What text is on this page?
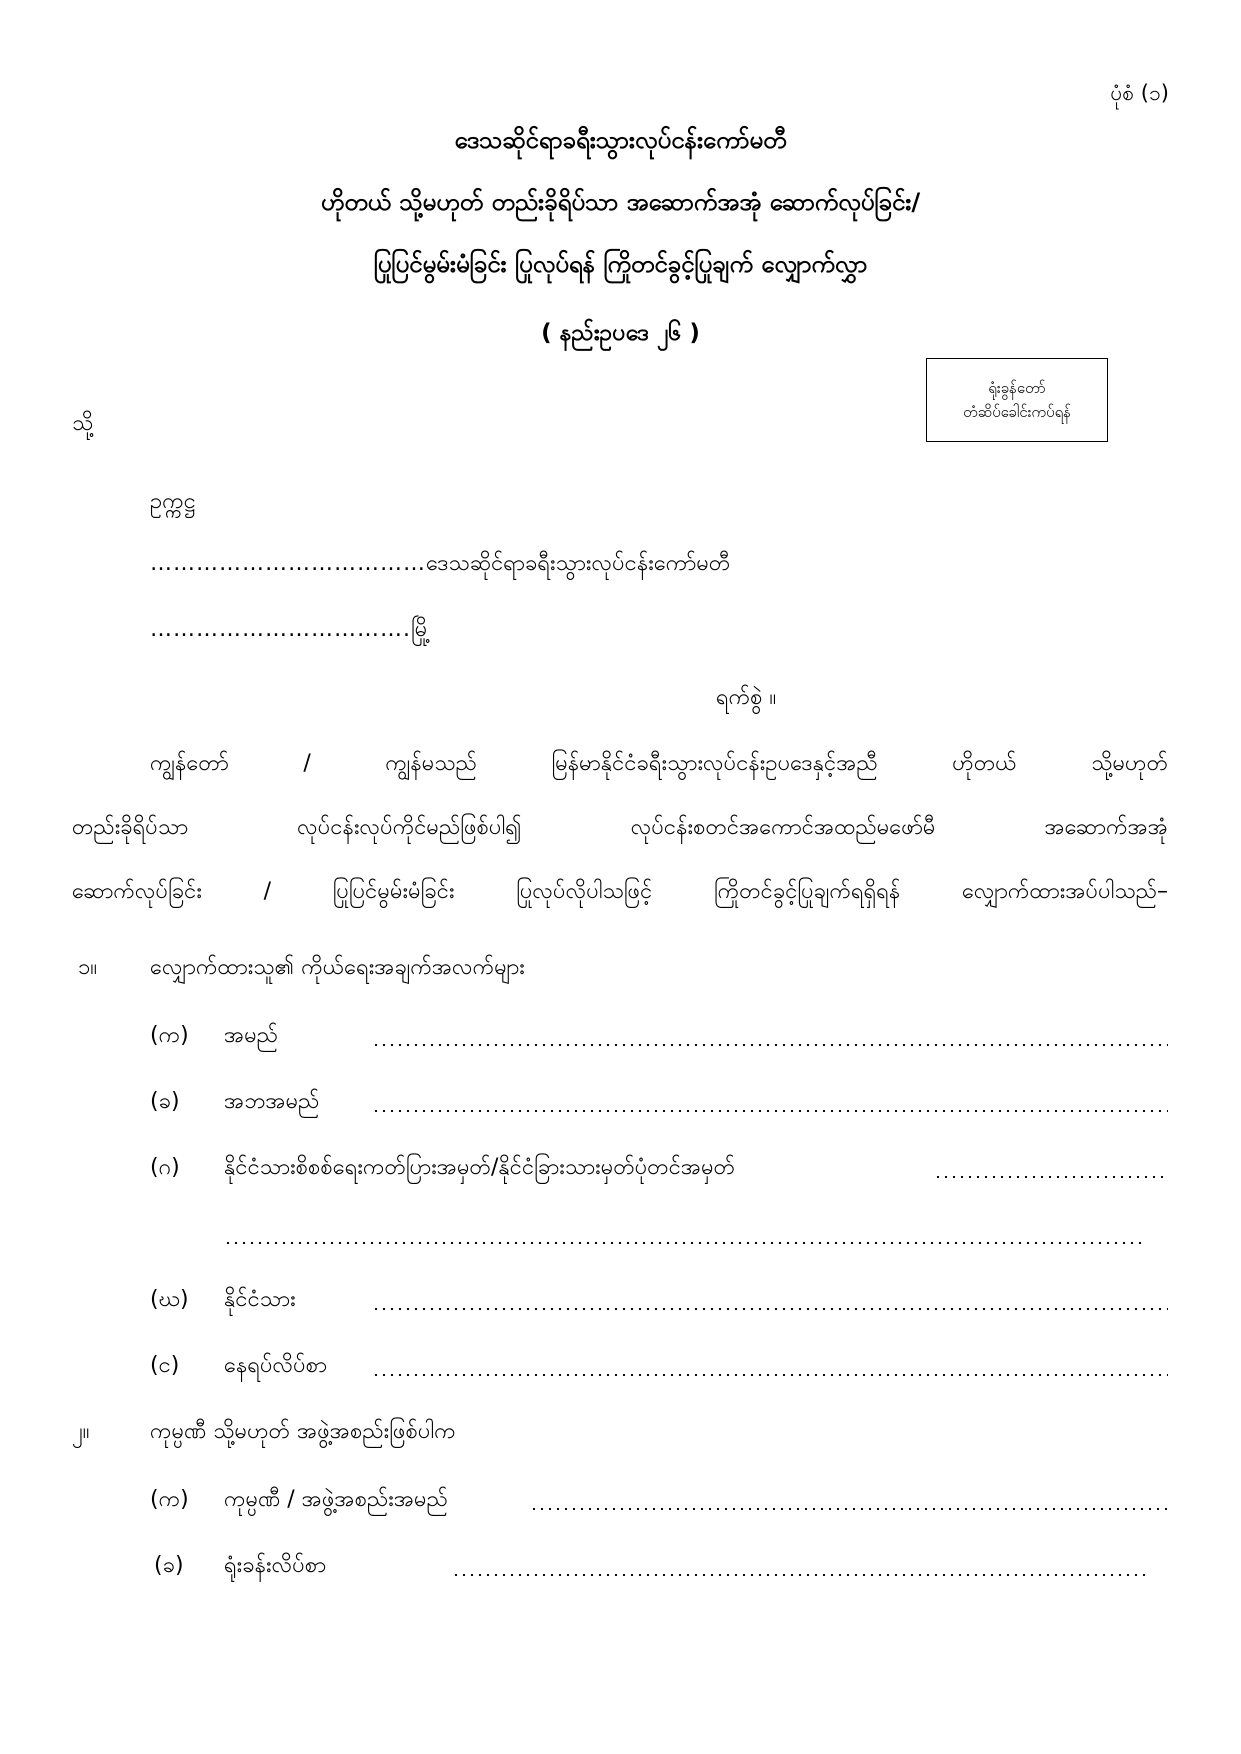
ပုံစံ (၁)
ဒေသဆိုင်ရာခရီးသွားလုပ်ငန်းကော်မတီ
ဟိုတယ် သို့မဟုတ် တည်းခိုရိပ်သာ အဆောက်အအုံ ဆောက်လုပ်ခြင်း/
ပြုပြင်မွမ်းမံခြင်း ပြုလုပ်ရန် ကြိုတင်ခွင့်ပြုချက် လျှောက်လွှာ
( နည်းဥပဒေ ၂၆ )
ရုံးခွန်တော်
တံဆိပ်ခေါင်းကပ်ရန်
သို့
ဥက္ကဋ္ဌ
………………………………ဒေသဆိုင်ရာခရီးသွားလုပ်ငန်းကော်မတီ
…………………………….မြို့
ရက်စွဲ ။
ကျွန်တော် / ကျွန်မသည် မြန်မာနိုင်ငံခရီးသွားလုပ်ငန်းဥပဒေနှင့်အညီ ဟိုတယ် သို့မဟုတ်
တည်းခိုရိပ်သာ လုပ်ငန်းလုပ်ကိုင်မည်ဖြစ်ပါ၍ လုပ်ငန်းစတင်အကောင်အထည်မဖော်မီ အဆောက်အအုံ
ဆောက်လုပ်ခြင်း / ပြုပြင်မွမ်းမံခြင်း ပြုလုပ်လိုပါသဖြင့် ကြိုတင်ခွင့်ပြုချက်ရရှိရန် လျှောက်ထားအပ်ပါသည်–
၁။ လျှောက်ထားသူ၏ ကိုယ်ရေးအချက်အလက်များ
(က) အမည်
(ခ) အဘအမည်
(ဂ) နိုင်ငံသားစိစစ်ရေးကတ်ပြားအမှတ်/နိုင်ငံခြားသားမှတ်ပုံတင်အမှတ်
(ဃ) နိုင်ငံသား
(င) နေရပ်လိပ်စာ
၂။	ကုမ္ပဏီ သို့မဟုတ် အဖွဲ့အစည်းဖြစ်ပါက
(က) ကုမ္ပဏီ / အဖွဲ့အစည်းအမည်
(ခ) ရုံးခန်းလိပ်စာ
